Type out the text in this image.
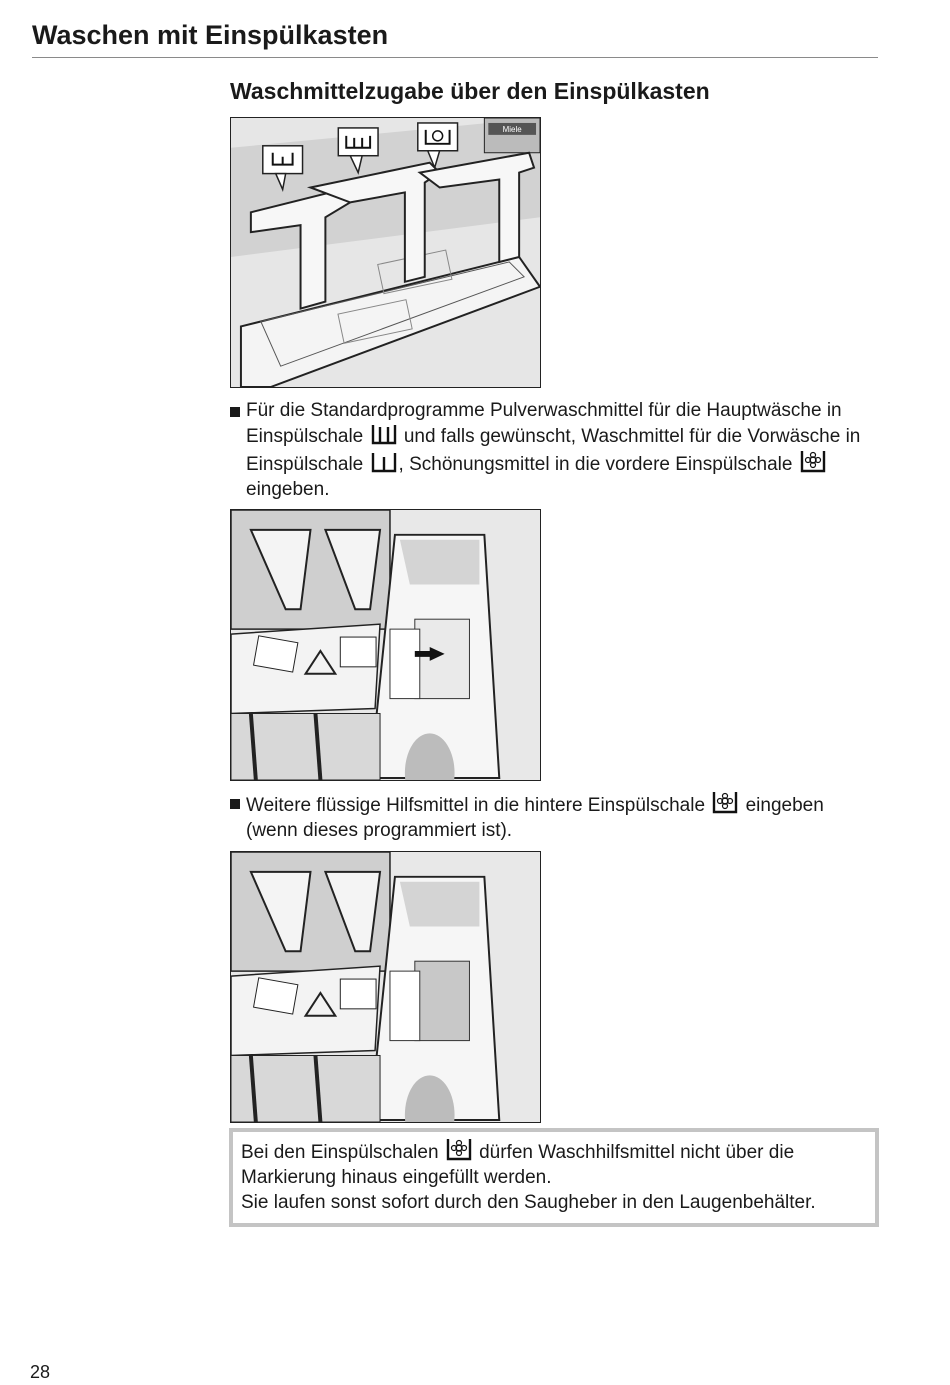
Waschen mit Einspülkasten
Waschmittelzugabe über den Einspülkasten
Miele
Für die Standardprogramme Pulverwaschmittel für die Hauptwäsche in Einspülschale und falls gewünscht, Waschmittel für die Vorwäsche in Einspülschale , Schönungsmittel in die vordere Einspülschale  eingeben.
Weitere flüssige Hilfsmittel in die hintere Einspülschale eingeben (wenn dieses programmiert ist).

Bei den Einspülschalen dürfen Waschhilfsmittel nicht über die Markierung hinaus eingefüllt werden.

Sie laufen sonst sofort durch den Saugheber in den Laugenbehälter.

28
